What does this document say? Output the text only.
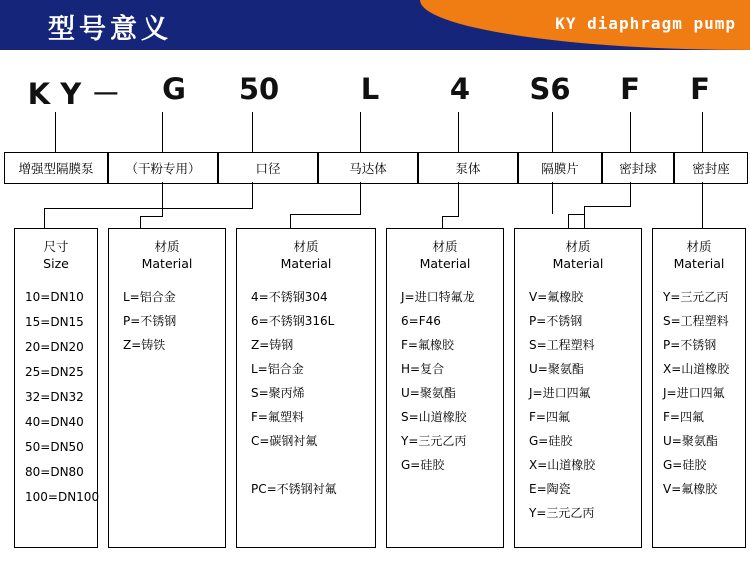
型号意义	KY diaphragm pump
K Y －	G	50	L	4	S6	F	F
增强型隔膜泵	（干粉专用）	口径	马达体	泵体	隔膜片	密封球	密封座
尺寸
Size
10=DN10
15=DN15
20=DN20
25=DN25
32=DN32
40=DN40
50=DN50
80=DN80
100=DN100
材质
Material
L=铝合金
P=不锈钢
Z=铸铁
材质
Material
4=不锈钢304
6=不锈钢316L
Z=铸钢
L=铝合金
S=聚丙烯
F=氟塑料
C=碳钢衬氟

PC=不锈钢衬氟
材质
Material
J=进口特氟龙
6=F46
F=氟橡胶
H=复合
U=聚氨酯
S=山道橡胶
Y=三元乙丙
G=硅胶
材质
Material
V=氟橡胶
P=不锈钢
S=工程塑料
U=聚氨酯
J=进口四氟
F=四氟
G=硅胶
X=山道橡胶
E=陶瓷
Y=三元乙丙
材质
Material
Y=三元乙丙
S=工程塑料
P=不锈钢
X=山道橡胶
J=进口四氟
F=四氟
U=聚氨酯
G=硅胶
V=氟橡胶
